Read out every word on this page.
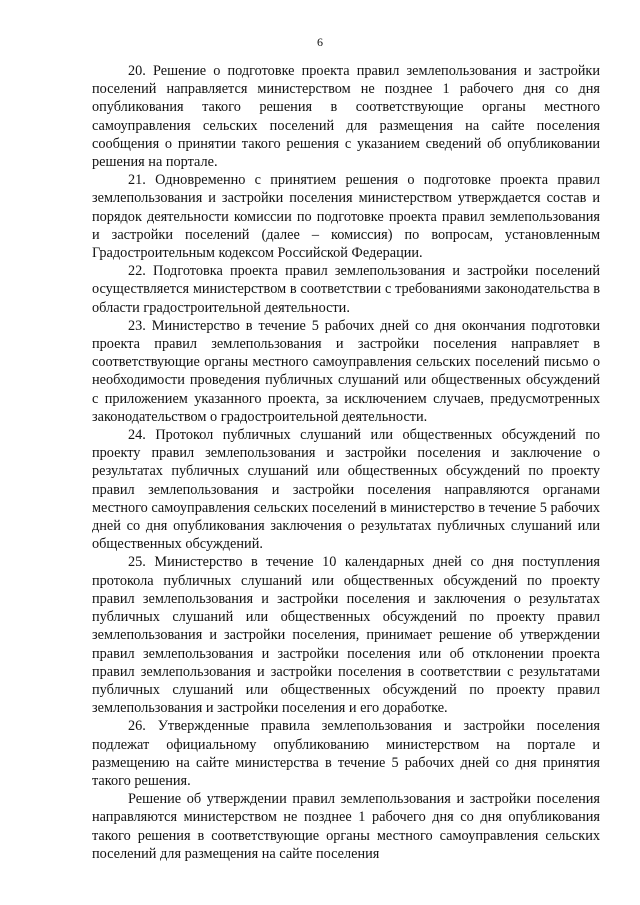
6

20. Решение о подготовке проекта правил землепользования и застройки поселений направляется министерством не позднее 1 рабочего дня со дня опубликования такого решения в соответствующие органы местного самоуправления сельских поселений для размещения на сайте поселения сообщения о принятии такого решения с указанием сведений об опубликовании решения на портале.

21. Одновременно с принятием решения о подготовке проекта правил землепользования и застройки поселения министерством утверждается состав и порядок деятельности комиссии по подготовке проекта правил землепользования и застройки поселений (далее – комиссия) по вопросам, установленным Градостроительным кодексом Российской Федерации.

22. Подготовка проекта правил землепользования и застройки поселений осуществляется министерством в соответствии с требованиями законодательства в области градостроительной деятельности.

23. Министерство в течение 5 рабочих дней со дня окончания подготовки проекта правил землепользования и застройки поселения направляет в соответствующие органы местного самоуправления сельских поселений письмо о необходимости проведения публичных слушаний или общественных обсуждений с приложением указанного проекта, за исключением случаев, предусмотренных законодательством о градостроительной деятельности.

24. Протокол публичных слушаний или общественных обсуждений по проекту правил землепользования и застройки поселения и заключение о результатах публичных слушаний или общественных обсуждений по проекту правил землепользования и застройки поселения направляются органами местного самоуправления сельских поселений в министерство в течение 5 рабочих дней со дня опубликования заключения о результатах публичных слушаний или общественных обсуждений.

25. Министерство в течение 10 календарных дней со дня поступления протокола публичных слушаний или общественных обсуждений по проекту правил землепользования и застройки поселения и заключения о результатах публичных слушаний или общественных обсуждений по проекту правил землепользования и застройки поселения, принимает решение об утверждении правил землепользования и застройки поселения или об отклонении проекта правил землепользования и застройки поселения в соответствии с результатами публичных слушаний или общественных обсуждений по проекту правил землепользования и застройки поселения и его доработке.

26. Утвержденные правила землепользования и застройки поселения подлежат официальному опубликованию министерством на портале и размещению на сайте министерства в течение 5 рабочих дней со дня принятия такого решения.

Решение об утверждении правил землепользования и застройки поселения направляются министерством не позднее 1 рабочего дня со дня опубликования такого решения в соответствующие органы местного самоуправления сельских поселений для размещения на сайте поселения
